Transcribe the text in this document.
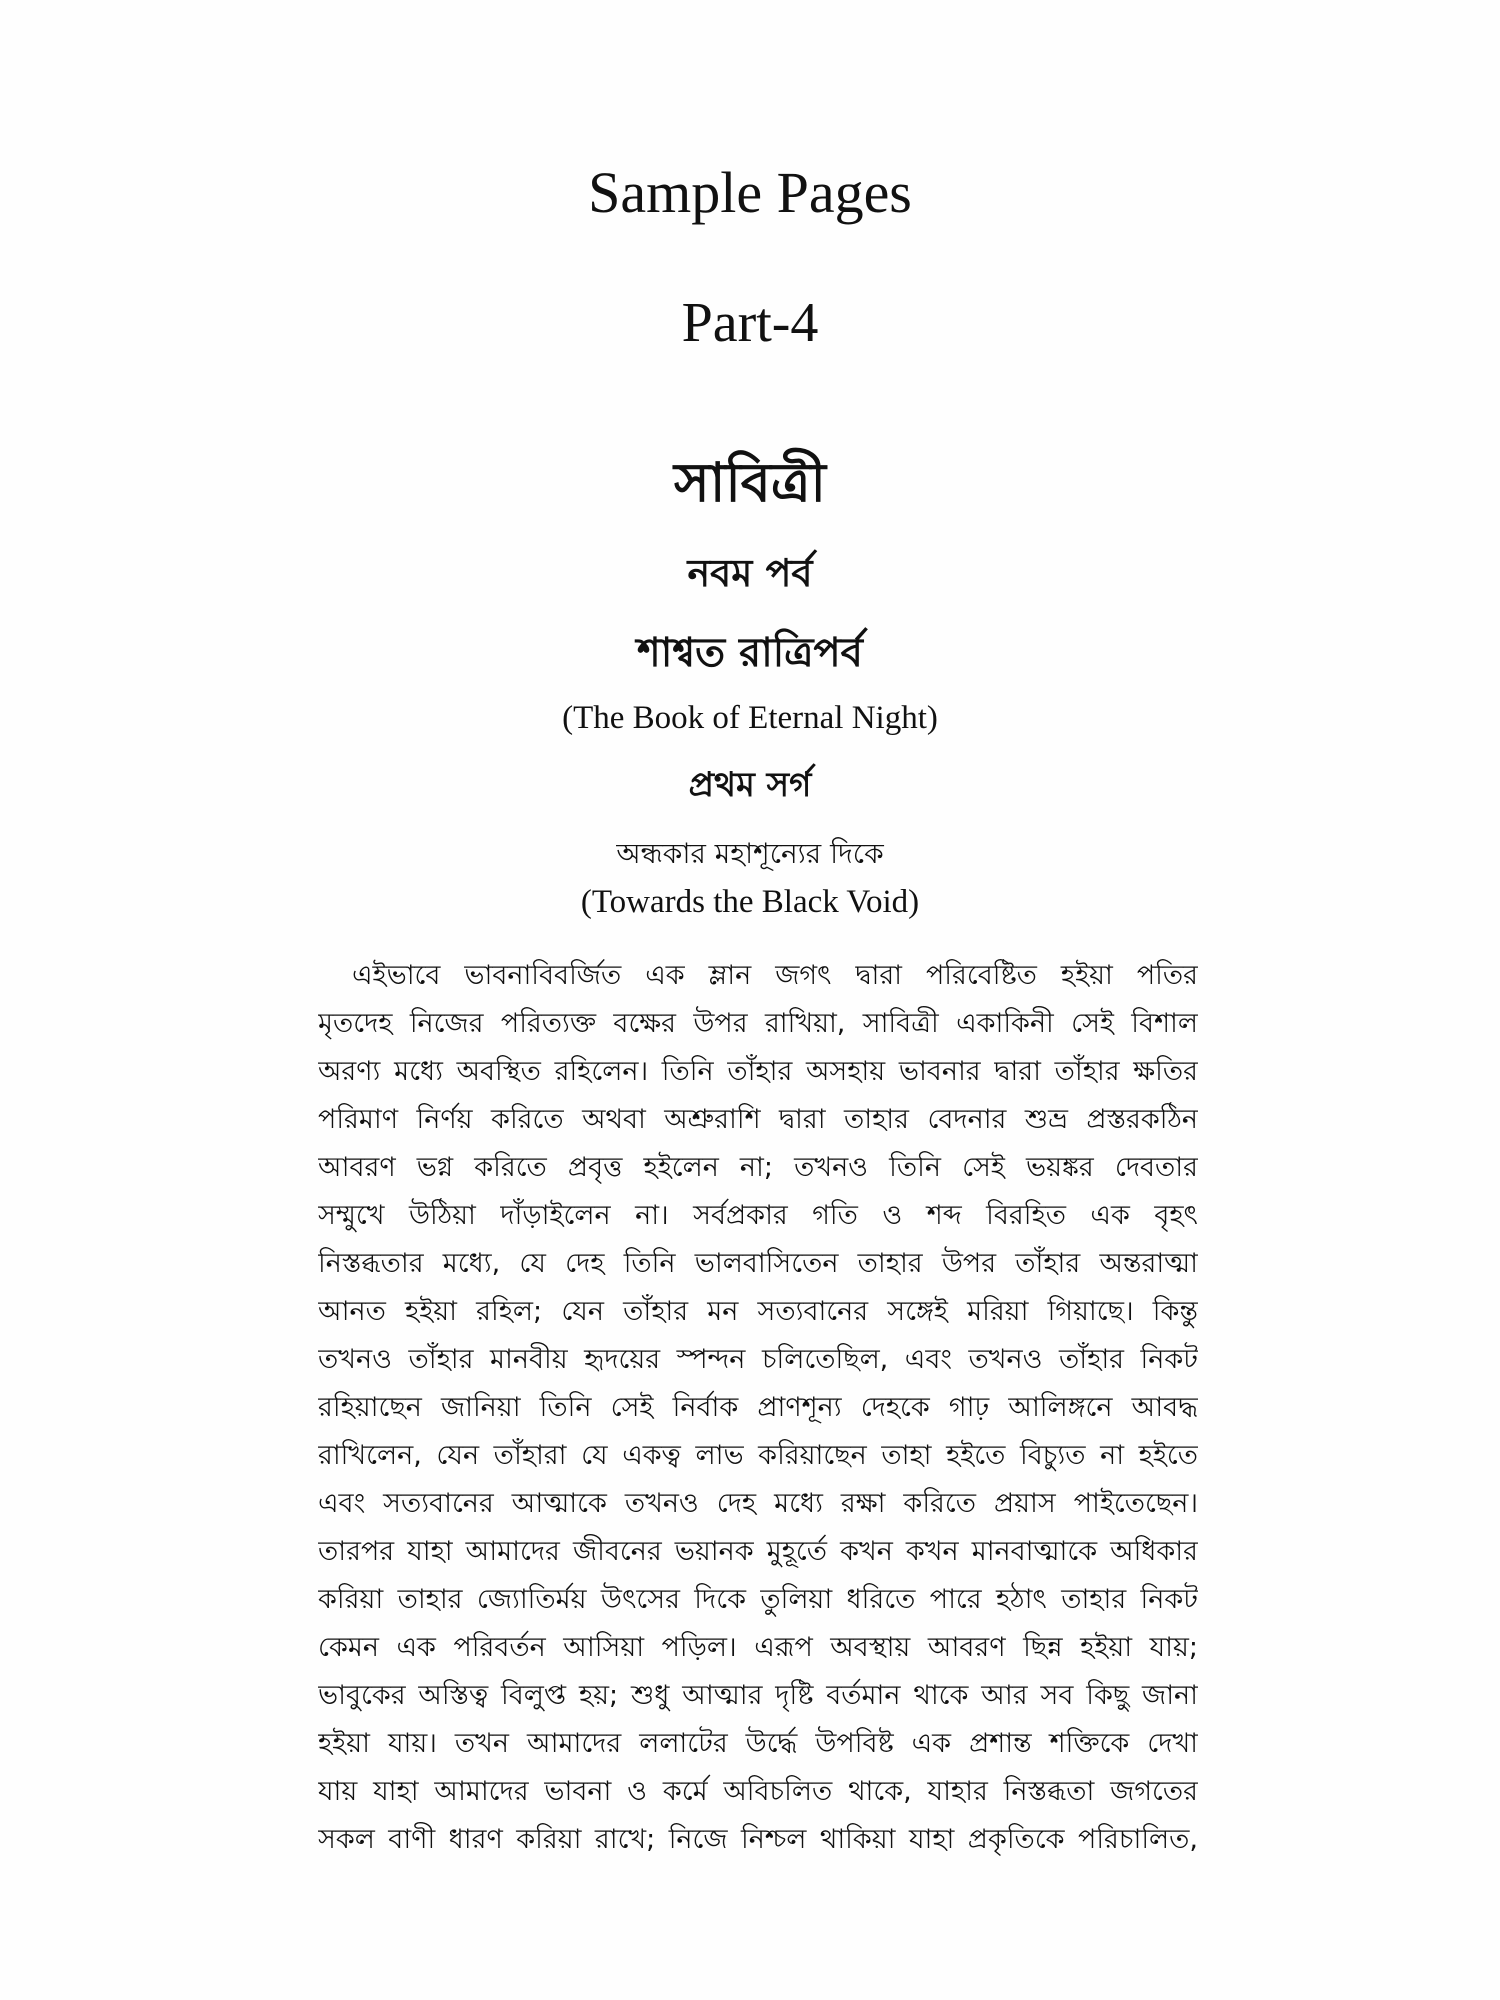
Sample Pages
Part-4
সাবিত্রী
নবম পর্ব
শাশ্বত রাত্রিপর্ব
(The Book of Eternal Night)
প্রথম সর্গ
অন্ধকার মহাশূন্যের দিকে
(Towards the Black Void)
এইভাবে ভাবনাবিবর্জিত এক ম্লান জগৎ দ্বারা পরিবেষ্টিত হইয়া পতির
মৃতদেহ নিজের পরিত্যক্ত বক্ষের উপর রাখিয়া, সাবিত্রী একাকিনী সেই বিশাল
অরণ্য মধ্যে অবস্থিত রহিলেন। তিনি তাঁহার অসহায় ভাবনার দ্বারা তাঁহার ক্ষতির
পরিমাণ নির্ণয় করিতে অথবা অশ্রুরাশি দ্বারা তাহার বেদনার শুভ্র প্রস্তরকঠিন
আবরণ ভগ্ন করিতে প্রবৃত্ত হইলেন না; তখনও তিনি সেই ভয়ঙ্কর দেবতার
সম্মুখে উঠিয়া দাঁড়াইলেন না। সর্বপ্রকার গতি ও শব্দ বিরহিত এক বৃহৎ
নিস্তব্ধতার মধ্যে, যে দেহ তিনি ভালবাসিতেন তাহার উপর তাঁহার অন্তরাত্মা
আনত হইয়া রহিল; যেন তাঁহার মন সত্যবানের সঙ্গেই মরিয়া গিয়াছে। কিন্তু
তখনও তাঁহার মানবীয় হৃদয়ের স্পন্দন চলিতেছিল, এবং তখনও তাঁহার নিকট
রহিয়াছেন জানিয়া তিনি সেই নির্বাক প্রাণশূন্য দেহকে গাঢ় আলিঙ্গনে আবদ্ধ
রাখিলেন, যেন তাঁহারা যে একত্ব লাভ করিয়াছেন তাহা হইতে বিচ্যুত না হইতে
এবং সত্যবানের আত্মাকে তখনও দেহ মধ্যে রক্ষা করিতে প্রয়াস পাইতেছেন।
তারপর যাহা আমাদের জীবনের ভয়ানক মুহূর্তে কখন কখন মানবাত্মাকে অধিকার
করিয়া তাহার জ্যোতির্ময় উৎসের দিকে তুলিয়া ধরিতে পারে হঠাৎ তাহার নিকট
কেমন এক পরিবর্তন আসিয়া পড়িল। এরূপ অবস্থায় আবরণ ছিন্ন হইয়া যায়;
ভাবুকের অস্তিত্ব বিলুপ্ত হয়; শুধু আত্মার দৃষ্টি বর্তমান থাকে আর সব কিছু জানা
হইয়া যায়। তখন আমাদের ললাটের উর্দ্ধে উপবিষ্ট এক প্রশান্ত শক্তিকে দেখা
যায় যাহা আমাদের ভাবনা ও কর্মে অবিচলিত থাকে, যাহার নিস্তব্ধতা জগতের
সকল বাণী ধারণ করিয়া রাখে; নিজে নিশ্চল থাকিয়া যাহা প্রকৃতিকে পরিচালিত,
